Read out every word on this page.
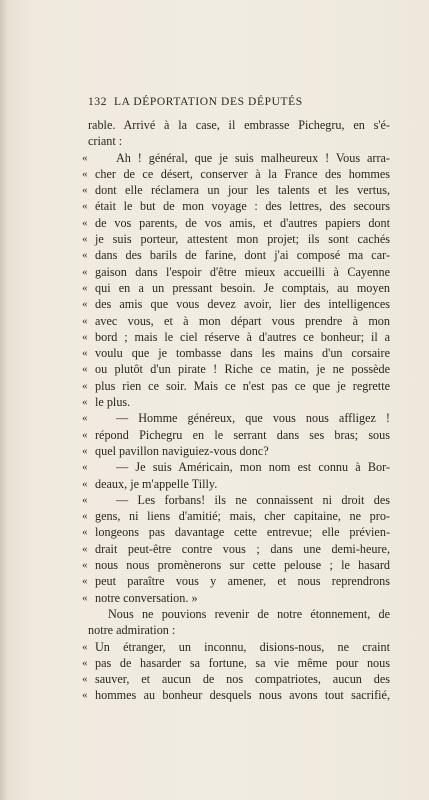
132 LA DÉPORTATION DES DÉPUTÉS
rable. Arrivé à la case, il embrasse Pichegru, en s'é-
criant :
«	Ah ! général, que je suis malheureux ! Vous arra-
« cher de ce désert, conserver à la France des hommes
« dont elle réclamera un jour les talents et les vertus,
« était le but de mon voyage : des lettres, des secours
« de vos parents, de vos amis, et d'autres papiers dont
« je suis porteur, attestent mon projet; ils sont cachés
« dans des barils de farine, dont j'ai composé ma car-
« gaison dans l'espoir d'être mieux accueilli à Cayenne
« qui en a un pressant besoin. Je comptais, au moyen
« des amis que vous devez avoir, lier des intelligences
« avec vous, et à mon départ vous prendre à mon
« bord ; mais le ciel réserve à d'autres ce bonheur; il a
« voulu que je tombasse dans les mains d'un corsaire
« ou plutôt d'un pirate ! Riche ce matin, je ne possède
« plus rien ce soir. Mais ce n'est pas ce que je regrette
« le plus.
«	— Homme généreux, que vous nous affligez !
« répond Pichegru en le serrant dans ses bras; sous
« quel pavillon naviguiez-vous donc?
«	— Je suis Américain, mon nom est connu à Bor-
« deaux, je m'appelle Tilly.
«	— Les forbans! ils ne connaissent ni droit des
« gens, ni liens d'amitié; mais, cher capitaine, ne pro-
« longeons pas davantage cette entrevue; elle prévien-
« drait peut-être contre vous ; dans une demi-heure,
« nous nous promènerons sur cette pelouse ; le hasard
« peut paraître vous y amener, et nous reprendrons
« notre conversation. »
Nous ne pouvions revenir de notre étonnement, de
notre admiration :
« Un étranger, un inconnu, disions-nous, ne craint
« pas de hasarder sa fortune, sa vie même pour nous
« sauver, et aucun de nos compatriotes, aucun des
« hommes au bonheur desquels nous avons tout sacrifié,
